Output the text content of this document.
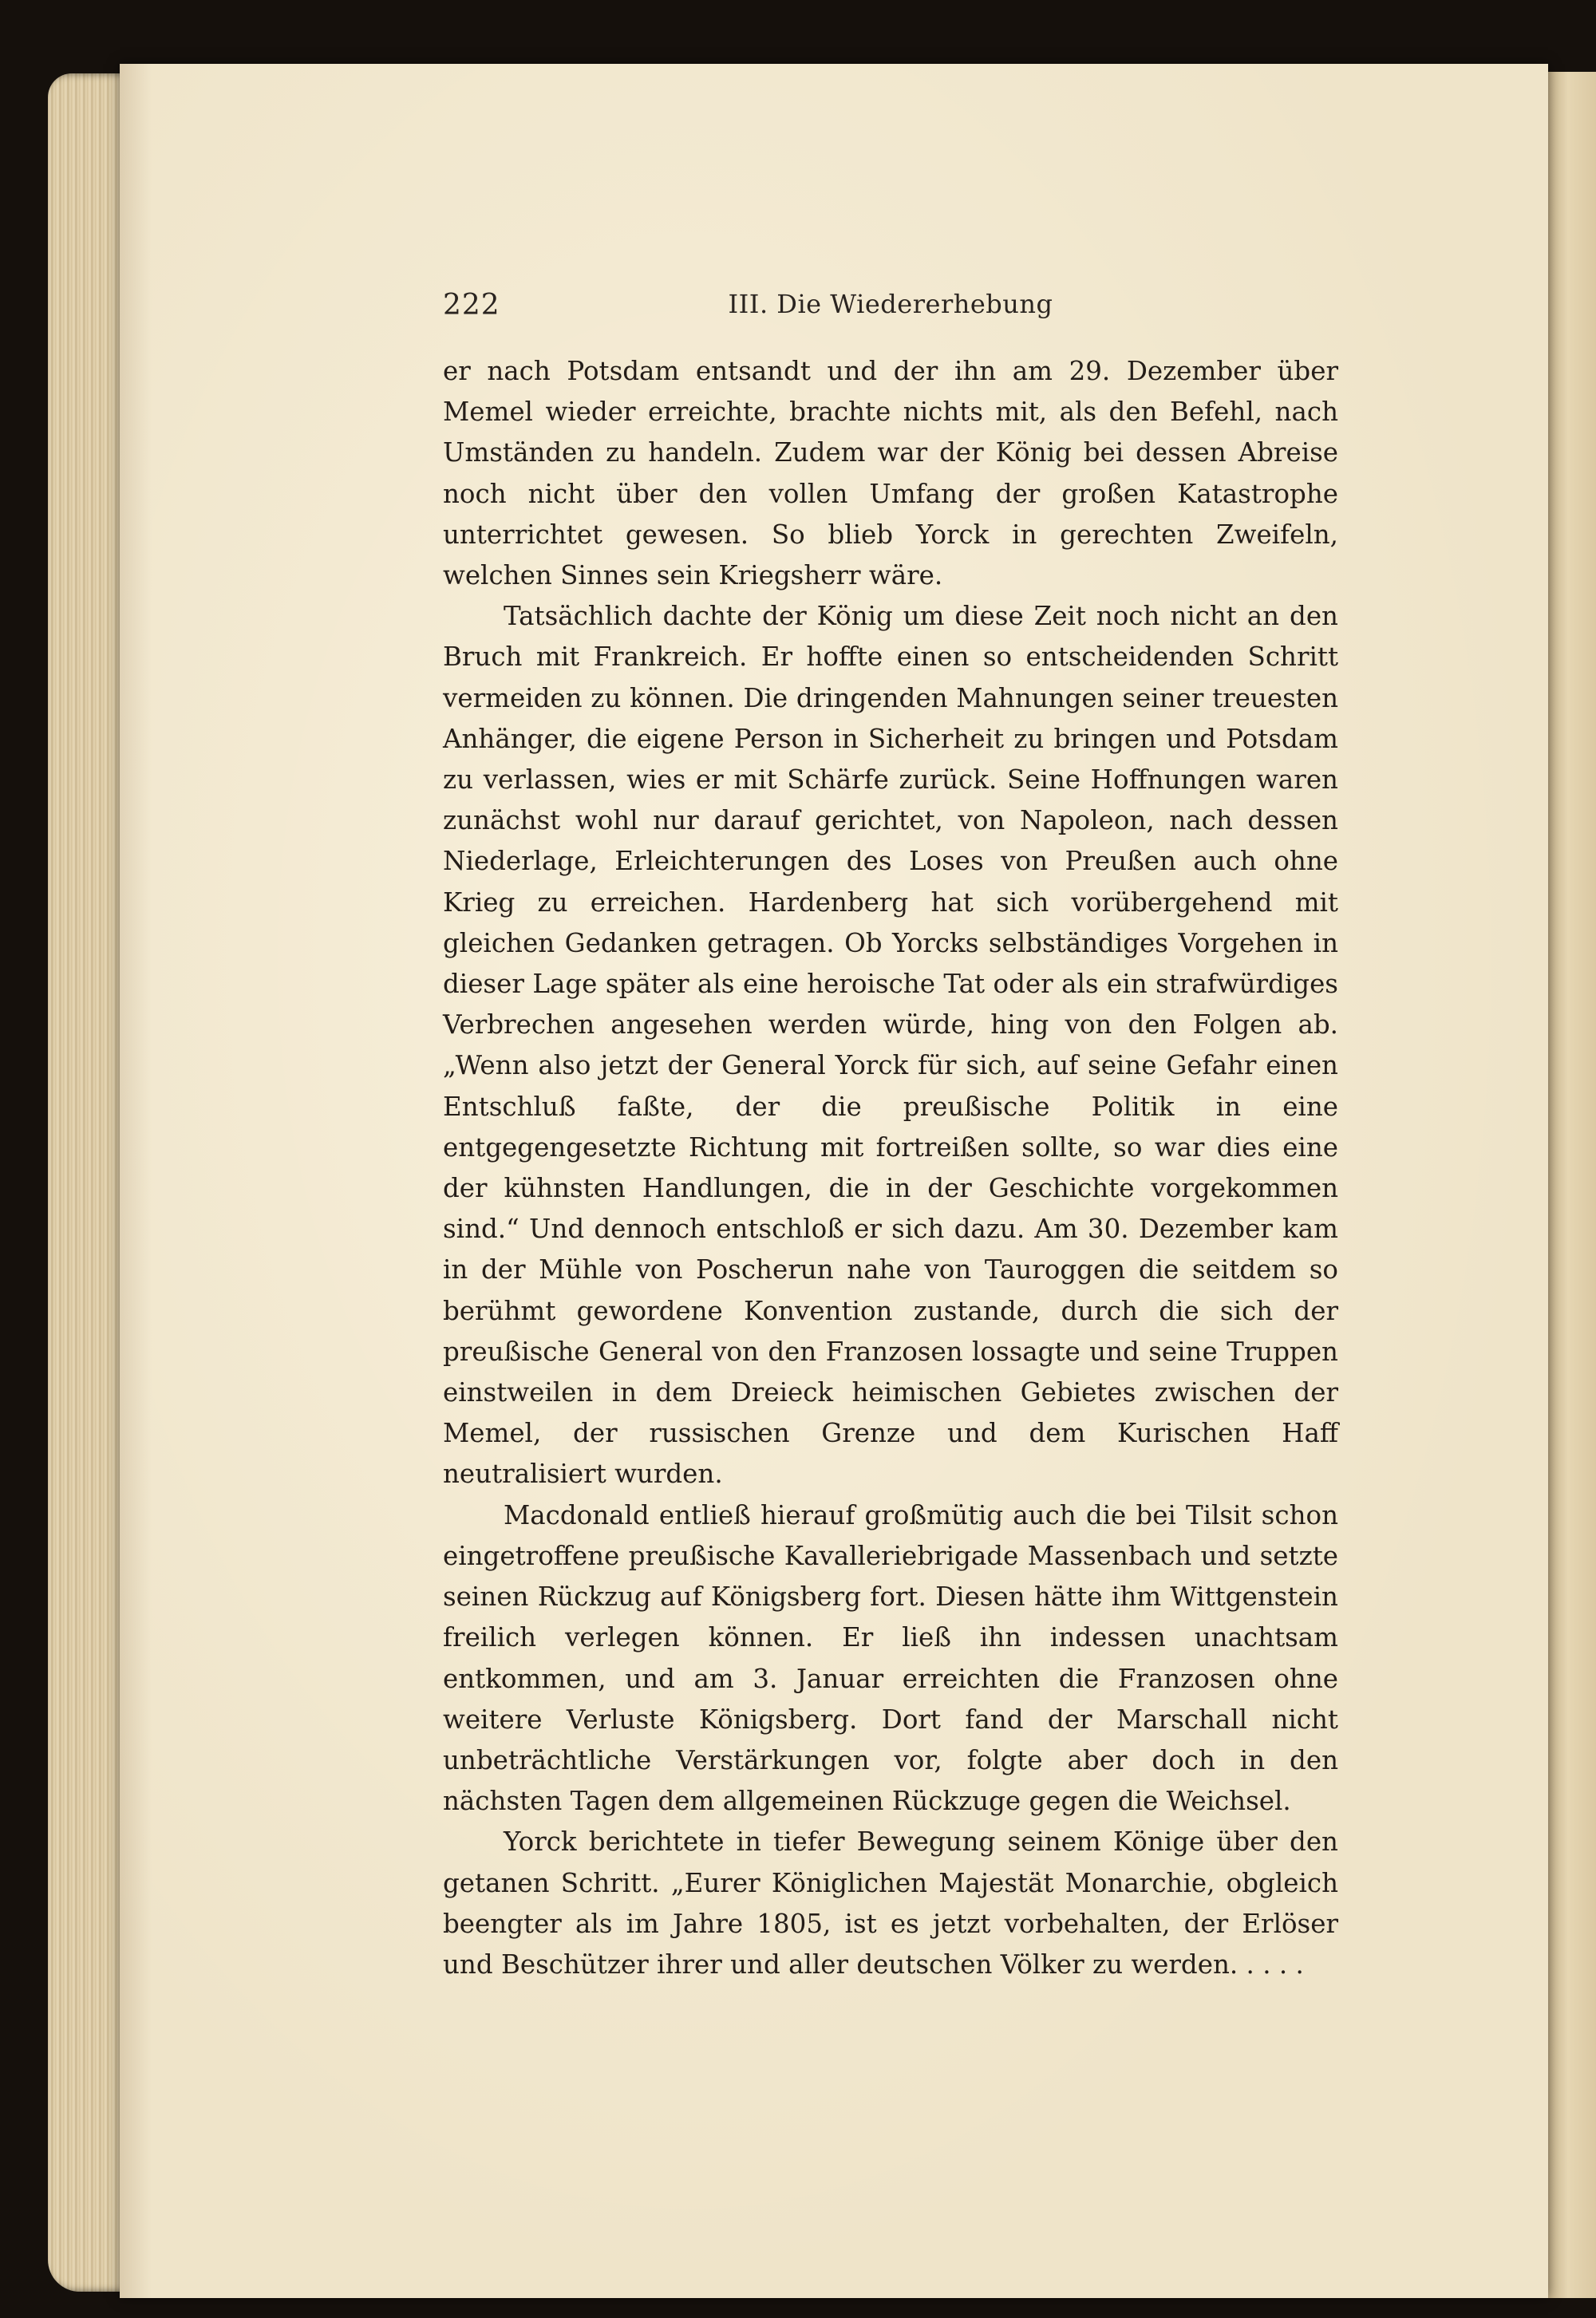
222	III. Die Wiedererhebung

er nach Potsdam entsandt und der ihn am 29. Dezember über Memel wieder erreichte, brachte nichts mit, als den Befehl, nach Umständen zu handeln. Zudem war der König bei dessen Abreise noch nicht über den vollen Umfang der großen Katastrophe unterrichtet gewesen. So blieb Yorck in gerechten Zweifeln, welchen Sinnes sein Kriegsherr wäre.

Tatsächlich dachte der König um diese Zeit noch nicht an den Bruch mit Frankreich. Er hoffte einen so entscheidenden Schritt vermeiden zu können. Die dringenden Mahnungen seiner treuesten Anhänger, die eigene Person in Sicherheit zu bringen und Potsdam zu verlassen, wies er mit Schärfe zurück. Seine Hoffnungen waren zunächst wohl nur darauf gerichtet, von Napoleon, nach dessen Niederlage, Erleichterungen des Loses von Preußen auch ohne Krieg zu erreichen. Hardenberg hat sich vorübergehend mit gleichen Gedanken getragen. Ob Yorcks selbständiges Vorgehen in dieser Lage später als eine heroische Tat oder als ein strafwürdiges Verbrechen angesehen werden würde, hing von den Folgen ab. „Wenn also jetzt der General Yorck für sich, auf seine Gefahr einen Entschluß faßte, der die preußische Politik in eine entgegengesetzte Richtung mit fortreißen sollte, so war dies eine der kühnsten Handlungen, die in der Geschichte vorgekommen sind.“ Und dennoch entschloß er sich dazu. Am 30. Dezember kam in der Mühle von Poscherun nahe von Tauroggen die seitdem so berühmt gewordene Konvention zustande, durch die sich der preußische General von den Franzosen lossagte und seine Truppen einstweilen in dem Dreieck heimischen Gebietes zwischen der Memel, der russischen Grenze und dem Kurischen Haff neutralisiert wurden.

Macdonald entließ hierauf großmütig auch die bei Tilsit schon eingetroffene preußische Kavalleriebrigade Massenbach und setzte seinen Rückzug auf Königsberg fort. Diesen hätte ihm Wittgenstein freilich verlegen können. Er ließ ihn indessen unachtsam entkommen, und am 3. Januar erreichten die Franzosen ohne weitere Verluste Königsberg. Dort fand der Marschall nicht unbeträchtliche Verstärkungen vor, folgte aber doch in den nächsten Tagen dem allgemeinen Rückzuge gegen die Weichsel.

Yorck berichtete in tiefer Bewegung seinem Könige über den getanen Schritt. „Eurer Königlichen Majestät Monarchie, obgleich beengter als im Jahre 1805, ist es jetzt vorbehalten, der Erlöser und Beschützer ihrer und aller deutschen Völker zu werden. . . . .
